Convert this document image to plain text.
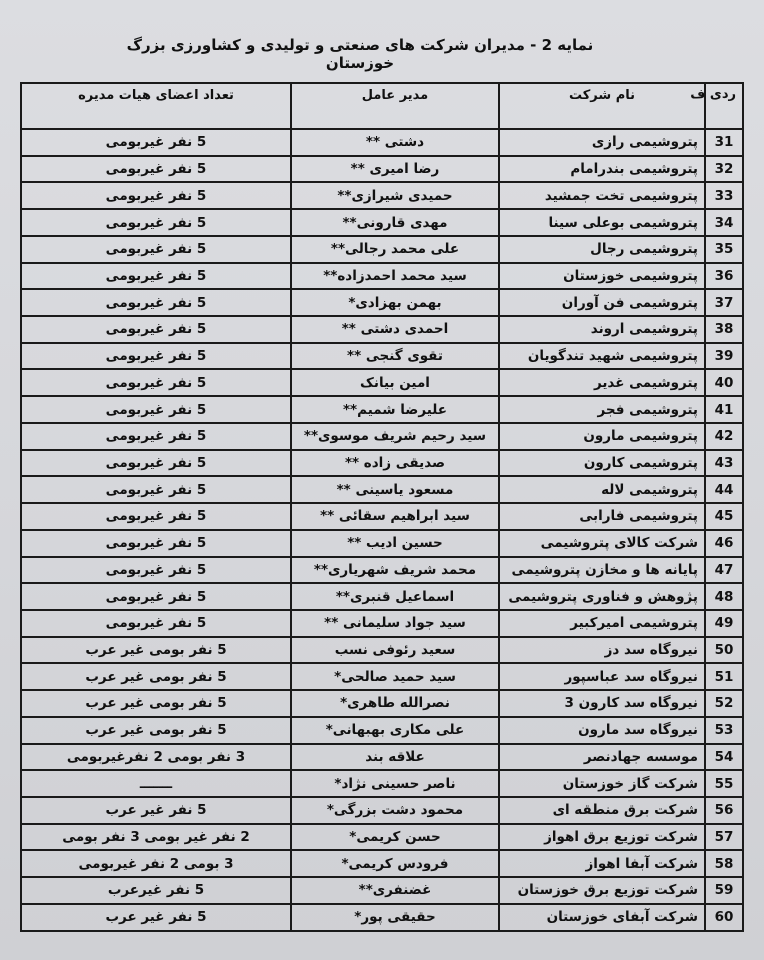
نمایه 2 - مدیران شرکت های صنعتی و تولیدی و کشاورزی بزرگ خوزستان
ردی ف	نام شرکت	مدیر عامل	تعداد اعضای هیات مدیره
31	پتروشیمی رازی	دشتی **	5 نفر غیربومی
32	پتروشیمی بندرامام	رضا امیری **	5 نفر غیربومی
33	پتروشیمی تخت جمشید	حمیدی شیرازی**	5 نفر غیربومی
34	پتروشیمی بوعلی سینا	مهدی قارونی**	5 نفر غیربومی
35	پتروشیمی رجال	علی محمد رجالی**	5 نفر غیربومی
36	پتروشیمی خوزستان	سید محمد احمدزاده**	5 نفر غیربومی
37	پتروشیمی فن آوران	بهمن بهزادی*	5 نفر غیربومی
38	پتروشیمی اروند	احمدی دشتی **	5 نفر غیربومی
39	پتروشیمی شهید تندگویان	تقوی گنجی **	5 نفر غیربومی
40	پتروشیمی غدیر	امین بیانک	5 نفر غیربومی
41	پتروشیمی فجر	علیرضا شمیم**	5 نفر غیربومی
42	پتروشیمی مارون	سید رحیم شریف موسوی**	5 نفر غیربومی
43	پتروشیمی کارون	صدیقی زاده **	5 نفر غیربومی
44	پتروشیمی لاله	مسعود یاسینی **	5 نفر غیربومی
45	پتروشیمی فارابی	سید ابراهیم سقائی **	5 نفر غیربومی
46	شرکت کالای پتروشیمی	حسین ادیب **	5 نفر غیربومی
47	پایانه ها و مخازن پتروشیمی	محمد شریف شهریاری**	5 نفر غیربومی
48	پژوهش و فناوری پتروشیمی	اسماعیل قنبری**	5 نفر غیربومی
49	پتروشیمی امیرکبیر	سید جواد سلیمانی **	5 نفر غیربومی
50	نیروگاه سد دز	سعید رئوفی نسب	5 نفر بومی غیر عرب
51	نیروگاه سد عباسپور	سید حمید صالحی*	5 نفر بومی غیر عرب
52	نیروگاه سد کارون 3	نصرالله طاهری*	5 نفر بومی غیر عرب
53	نیروگاه سد مارون	علی مکاری بهبهانی*	5 نفر بومی غیر عرب
54	موسسه جهادنصر	علاقه بند	3 نفر بومی 2 نفرغیربومی
55	شرکت گاز خوزستان	ناصر حسینی نژاد*	ـــــــ
56	شرکت برق منطقه ای	محمود دشت بزرگی*	5 نفر غیر عرب
57	شرکت توزیع برق اهواز	حسن کریمی*	2 نفر غیر بومی 3 نفر بومی
58	شرکت آبفا اهواز	فرودس کریمی*	3 بومی 2 نفر غیربومی
59	شرکت توزیع برق خوزستان	غضنفری**	5 نفر غیرعرب
60	شرکت آبفای خوزستان	حقیقی پور*	5 نفر غیر عرب
